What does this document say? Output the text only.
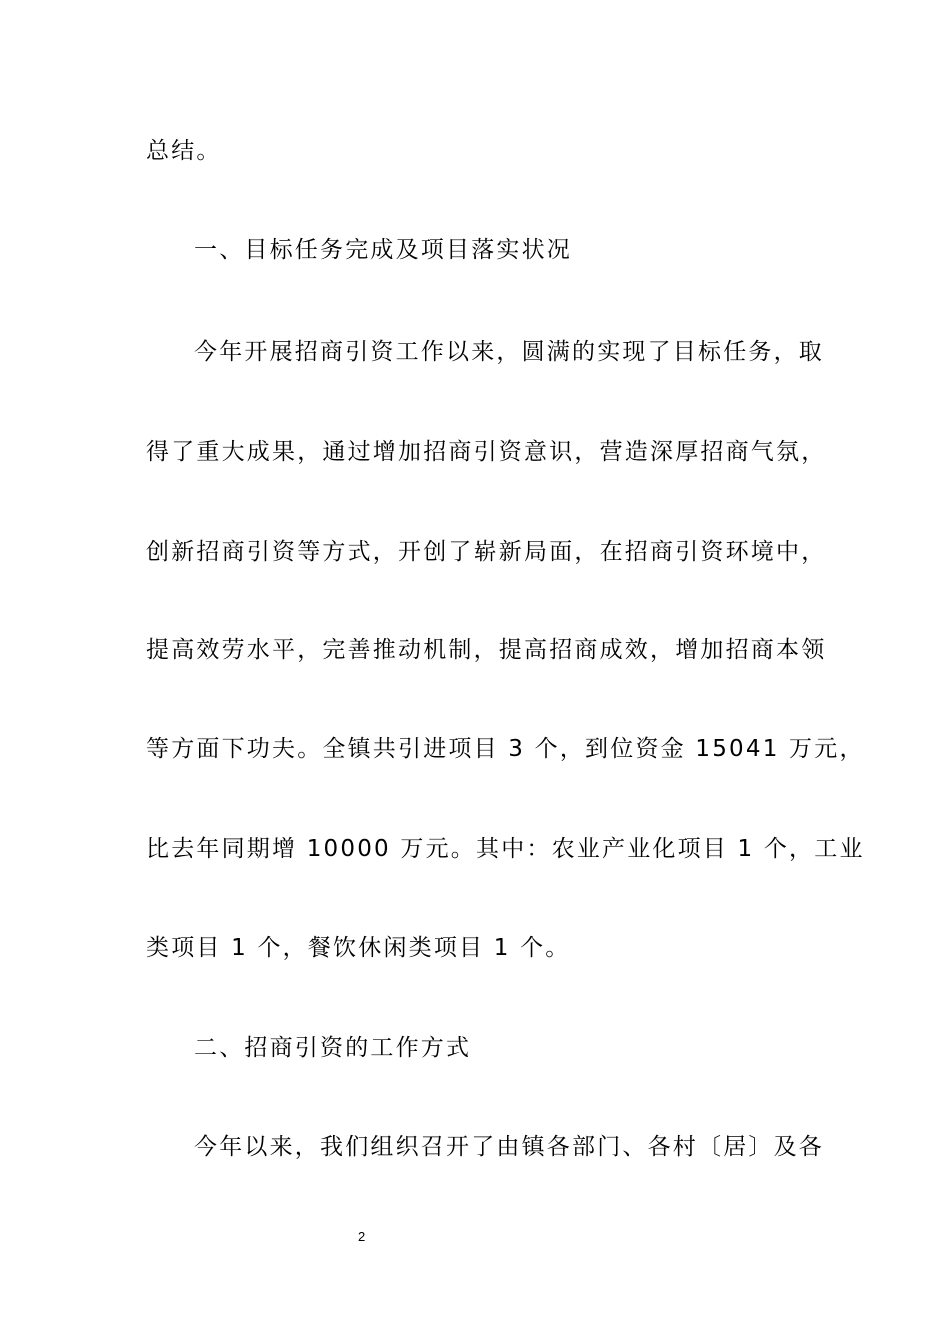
总结。
一、目标任务完成及项目落实状况
今年开展招商引资工作以来，圆满的实现了目标任务，取
得了重大成果，通过增加招商引资意识，营造深厚招商气氛，
创新招商引资等方式，开创了崭新局面，在招商引资环境中，
提高效劳水平，完善推动机制，提高招商成效，增加招商本领
等方面下功夫。全镇共引进项目 3 个，到位资金 15041 万元，
比去年同期增 10000 万元。其中：农业产业化项目 1 个，工业
类项目 1 个，餐饮休闲类项目 1 个。
二、招商引资的工作方式
今年以来，我们组织召开了由镇各部门、各村〔居〕及各
2
